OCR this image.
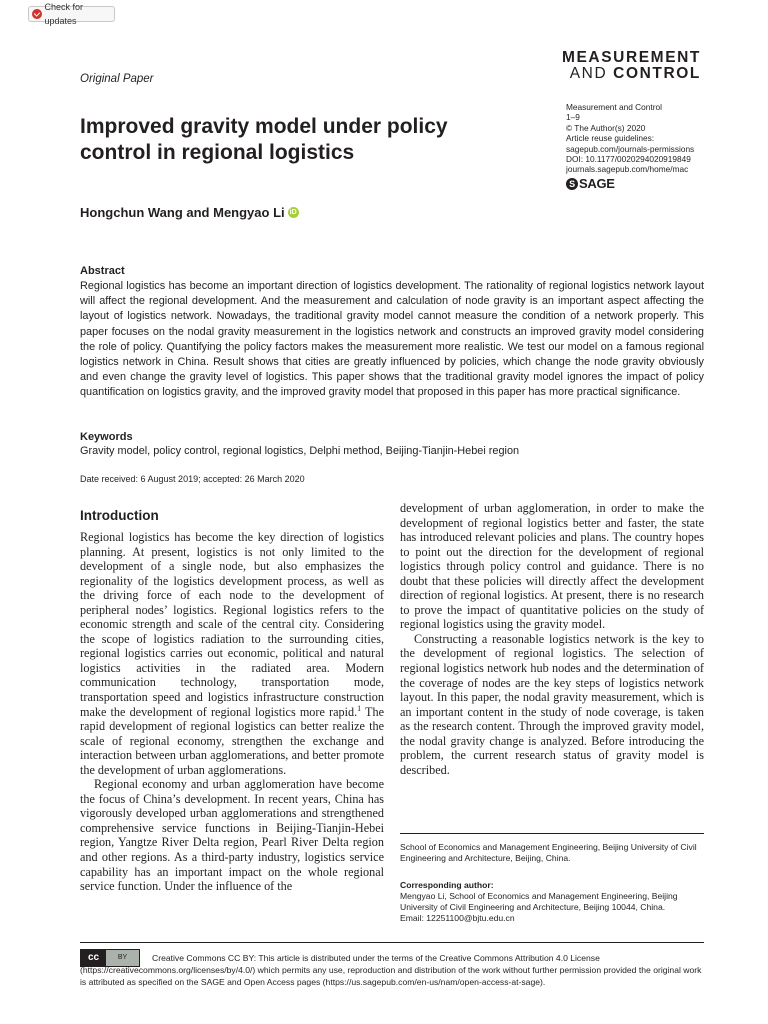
Check for updates
MEASUREMENT
AND CONTROL
Original Paper
Improved gravity model under policy control in regional logistics
Measurement and Control
1–9
© The Author(s) 2020
Article reuse guidelines:
sagepub.com/journals-permissions
DOI: 10.1177/0020294020919849
journals.sagepub.com/home/mac
S SAGE
Hongchun Wang and Mengyao Li iD
Abstract
Regional logistics has become an important direction of logistics development. The rationality of regional logistics network layout will affect the regional development. And the measurement and calculation of node gravity is an important aspect affecting the layout of logistics network. Nowadays, the traditional gravity model cannot measure the condition of a network properly. This paper focuses on the nodal gravity measurement in the logistics network and constructs an improved gravity model considering the role of policy. Quantifying the policy factors makes the measurement more realistic. We test our model on a famous regional logistics network in China. Result shows that cities are greatly influenced by policies, which change the node gravity obviously and even change the gravity level of logistics. This paper shows that the traditional gravity model ignores the impact of policy quantification on logistics gravity, and the improved gravity model that proposed in this paper has more practical significance.
Keywords
Gravity model, policy control, regional logistics, Delphi method, Beijing-Tianjin-Hebei region
Date received: 6 August 2019; accepted: 26 March 2020
Introduction

Regional logistics has become the key direction of logistics planning. At present, logistics is not only limited to the development of a single node, but also emphasizes the regionality of the logistics development process, as well as the driving force of each node to the development of peripheral nodes’ logistics. Regional logistics refers to the economic strength and scale of the central city. Considering the scope of logistics radiation to the surrounding cities, regional logistics carries out economic, political and natural logistics activities in the radiated area. Modern communication technology, transportation mode, transportation speed and logistics infrastructure construction make the development of regional logistics more rapid.$^1$ The rapid development of regional logistics can better realize the scale of regional economy, strengthen the exchange and interaction between urban agglomerations, and better promote the development of urban agglomerations.

Regional economy and urban agglomeration have become the focus of China’s development. In recent years, China has vigorously developed urban agglomerations and strengthened comprehensive service functions in Beijing-Tianjin-Hebei region, Yangtze River Delta region, Pearl River Delta region and other regions. As a third-party industry, logistics service capability has an important impact on the whole regional service function. Under the influence of the

development of urban agglomeration, in order to make the development of regional logistics better and faster, the state has introduced relevant policies and plans. The country hopes to point out the direction for the development of regional logistics through policy control and guidance. There is no doubt that these policies will directly affect the development direction of regional logistics. At present, there is no research to prove the impact of quantitative policies on the study of regional logistics using the gravity model.

Constructing a reasonable logistics network is the key to the development of regional logistics. The selection of regional logistics network hub nodes and the determination of the coverage of nodes are the key steps of logistics network layout. In this paper, the nodal gravity measurement, which is an important content in the study of node coverage, is taken as the research content. Through the improved gravity model, the nodal gravity change is analyzed. Before introducing the problem, the current research status of gravity model is described.

School of Economics and Management Engineering, Beijing University of Civil Engineering and Architecture, Beijing, China.
Corresponding author:
Mengyao Li, School of Economics and Management Engineering, Beijing University of Civil Engineering and Architecture, Beijing 10044, China.
Email: 12251100@bjtu.edu.cn
cc	BY	Creative Commons CC BY: This article is distributed under the terms of the Creative Commons Attribution 4.0 License (https://creativecommons.org/licenses/by/4.0/) which permits any use, reproduction and distribution of the work without further permission provided the original work is attributed as specified on the SAGE and Open Access pages (https://us.sagepub.com/en-us/nam/open-access-at-sage).
